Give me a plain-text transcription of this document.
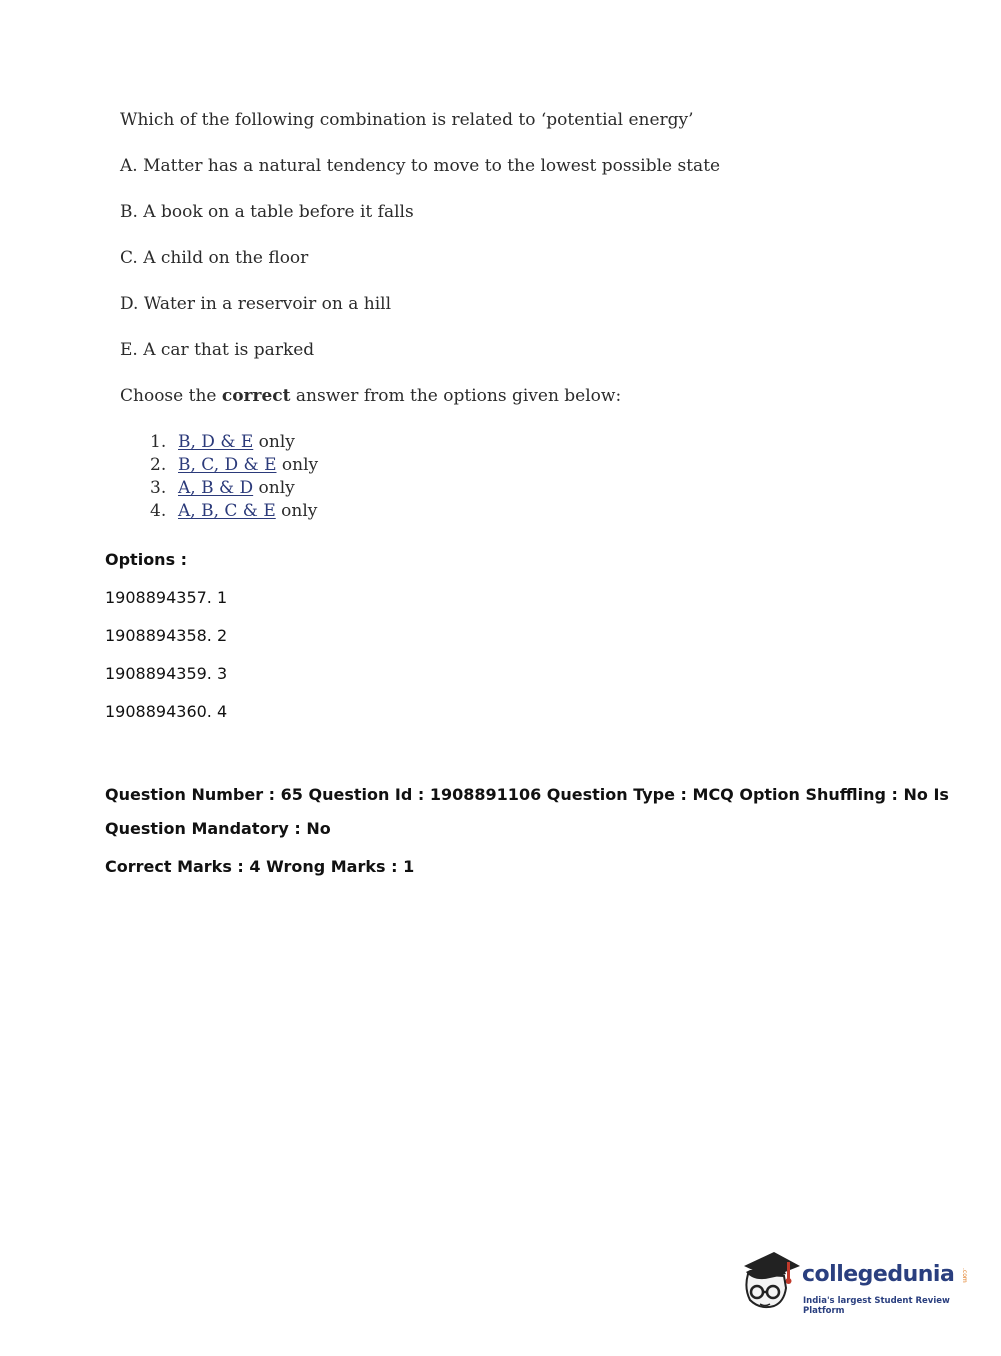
Which of the following combination is related to ‘potential energy’
A. Matter has a natural tendency to move to the lowest possible state
B. A book on a table before it falls
C. A child on the floor
D. Water in a reservoir on a hill
E. A car that is parked
Choose the correct answer from the options given below:
1. B, D & E only
2. B, C, D & E only
3. A, B & D only
4. A, B, C & E only
Options :
1908894357. 1
1908894358. 2
1908894359. 3
1908894360. 4
Question Number : 65 Question Id : 1908891106 Question Type : MCQ Option Shuffling : No Is
Question Mandatory : No
Correct Marks : 4 Wrong Marks : 1
collegedunia .com
India's largest Student Review Platform
